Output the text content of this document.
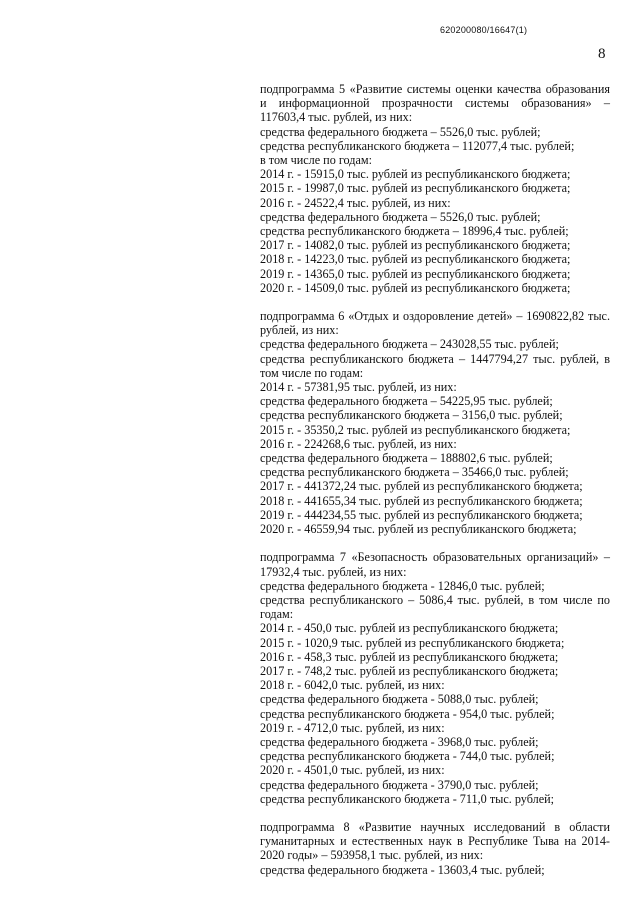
620200080/16647(1)
8

подпрограмма 5 «Развитие системы оценки качества образования и информационной прозрачности системы образования» – 117603,4 тыс. рублей, из них:

средства федерального бюджета – 5526,0 тыс. рублей;

средства республиканского бюджета – 112077,4 тыс. рублей;

в том числе по годам:

2014 г. - 15915,0 тыс. рублей из республиканского бюджета;

2015 г. - 19987,0 тыс. рублей из республиканского бюджета;

2016 г. - 24522,4 тыс. рублей, из них:

средства федерального бюджета – 5526,0 тыс. рублей;

средства республиканского бюджета – 18996,4 тыс. рублей;

2017 г. - 14082,0 тыс. рублей из республиканского бюджета;

2018 г. - 14223,0 тыс. рублей из республиканского бюджета;

2019 г. - 14365,0 тыс. рублей из республиканского бюджета;

2020 г. - 14509,0 тыс. рублей из республиканского бюджета;

подпрограмма 6 «Отдых и оздоровление детей» – 1690822,82 тыс. рублей, из них:

средства федерального бюджета – 243028,55 тыс. рублей;

средства республиканского бюджета – 1447794,27 тыс. рублей, в том числе по годам:

2014 г. - 57381,95 тыс. рублей, из них:

средства федерального бюджета – 54225,95 тыс. рублей;

средства республиканского бюджета – 3156,0 тыс. рублей;

2015 г. - 35350,2 тыс. рублей из республиканского бюджета;

2016 г. - 224268,6 тыс. рублей, из них:

средства федерального бюджета – 188802,6 тыс. рублей;

средства республиканского бюджета – 35466,0 тыс. рублей;

2017 г. - 441372,24 тыс. рублей из республиканского бюджета;

2018 г. - 441655,34 тыс. рублей из республиканского бюджета;

2019 г. - 444234,55 тыс. рублей из республиканского бюджета;

2020 г. - 46559,94 тыс. рублей из республиканского бюджета;

подпрограмма 7 «Безопасность образовательных организаций» – 17932,4 тыс. рублей, из них:

средства федерального бюджета - 12846,0 тыс. рублей;

средства республиканского – 5086,4 тыс. рублей, в том числе по годам:

2014 г. - 450,0 тыс. рублей из республиканского бюджета;

2015 г. - 1020,9 тыс. рублей из республиканского бюджета;

2016 г. - 458,3 тыс. рублей из республиканского бюджета;

2017 г. - 748,2 тыс. рублей из республиканского бюджета;

2018 г. - 6042,0 тыс. рублей, из них:

средства федерального бюджета - 5088,0 тыс. рублей;

средства республиканского бюджета - 954,0 тыс. рублей;

2019 г. - 4712,0 тыс. рублей, из них:

средства федерального бюджета - 3968,0 тыс. рублей;

средства республиканского бюджета - 744,0 тыс. рублей;

2020 г. - 4501,0 тыс. рублей, из них:

средства федерального бюджета - 3790,0 тыс. рублей;

средства республиканского бюджета - 711,0 тыс. рублей;

подпрограмма 8 «Развитие научных исследований в области гуманитарных и естественных наук в Республике Тыва на 2014-2020 годы» – 593958,1 тыс. рублей, из них:

средства федерального бюджета - 13603,4 тыс. рублей;
